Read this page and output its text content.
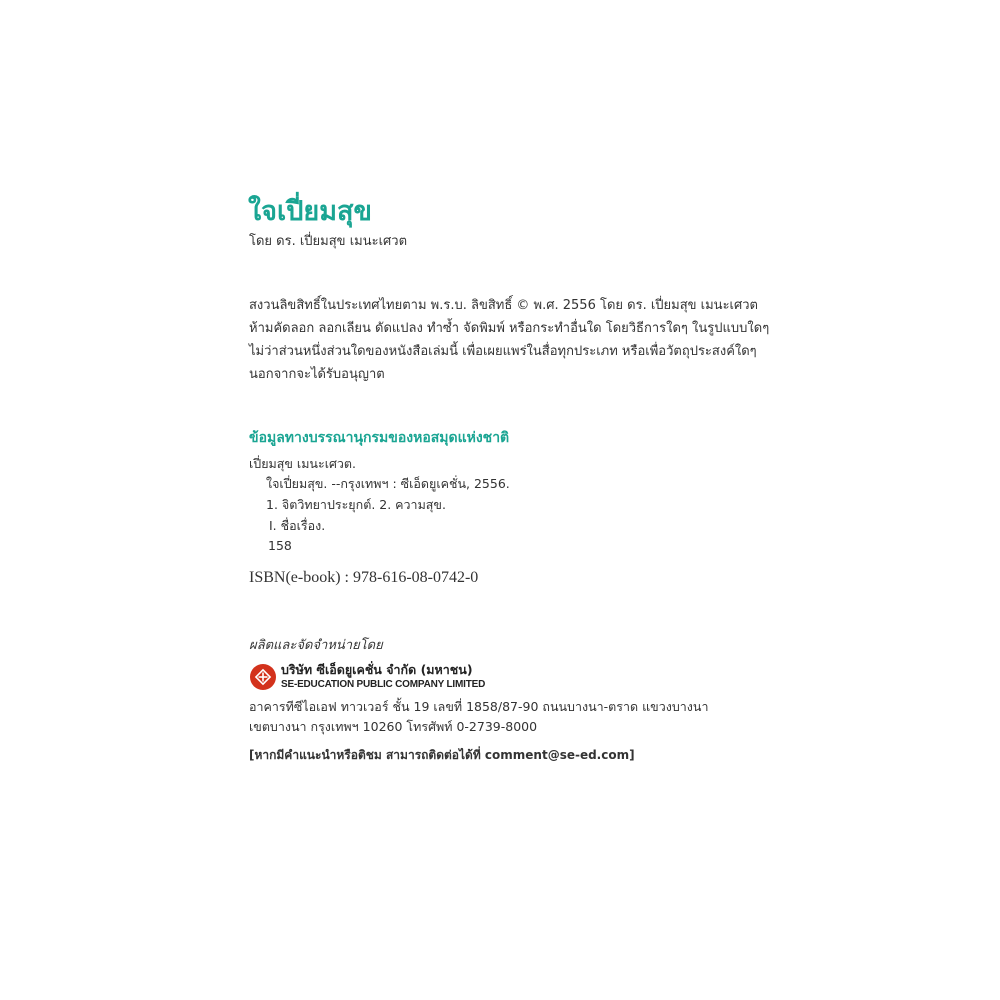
ใจเปี่ยมสุข
โดย ดร. เปี่ยมสุข เมนะเศวต
สงวนลิขสิทธิ์ในประเทศไทยตาม พ.ร.บ. ลิขสิทธิ์ © พ.ศ. 2556 โดย ดร. เปี่ยมสุข เมนะเศวต
ห้ามคัดลอก ลอกเลียน ดัดแปลง ทำซ้ำ จัดพิมพ์ หรือกระทำอื่นใด โดยวิธีการใดๆ ในรูปแบบใดๆ
ไม่ว่าส่วนหนึ่งส่วนใดของหนังสือเล่มนี้ เพื่อเผยแพร่ในสื่อทุกประเภท หรือเพื่อวัตถุประสงค์ใดๆ
นอกจากจะได้รับอนุญาต
ข้อมูลทางบรรณานุกรมของหอสมุดแห่งชาติ
เปี่ยมสุข เมนะเศวต.
ใจเปี่ยมสุข. --กรุงเทพฯ : ซีเอ็ดยูเคชั่น, 2556.
1. จิตวิทยาประยุกต์. 2. ความสุข.
I. ชื่อเรื่อง.
158
ISBN(e-book) : 978-616-08-0742-0
ผลิตและจัดจำหน่ายโดย
บริษัท ซีเอ็ดยูเคชั่น จำกัด (มหาชน)
SE-EDUCATION PUBLIC COMPANY LIMITED
อาคารทีซีไอเอฟ ทาวเวอร์ ชั้น 19 เลขที่ 1858/87-90 ถนนบางนา-ตราด แขวงบางนา
เขตบางนา กรุงเทพฯ 10260 โทรศัพท์ 0-2739-8000
[หากมีคำแนะนำหรือติชม สามารถติดต่อได้ที่ comment@se-ed.com]
